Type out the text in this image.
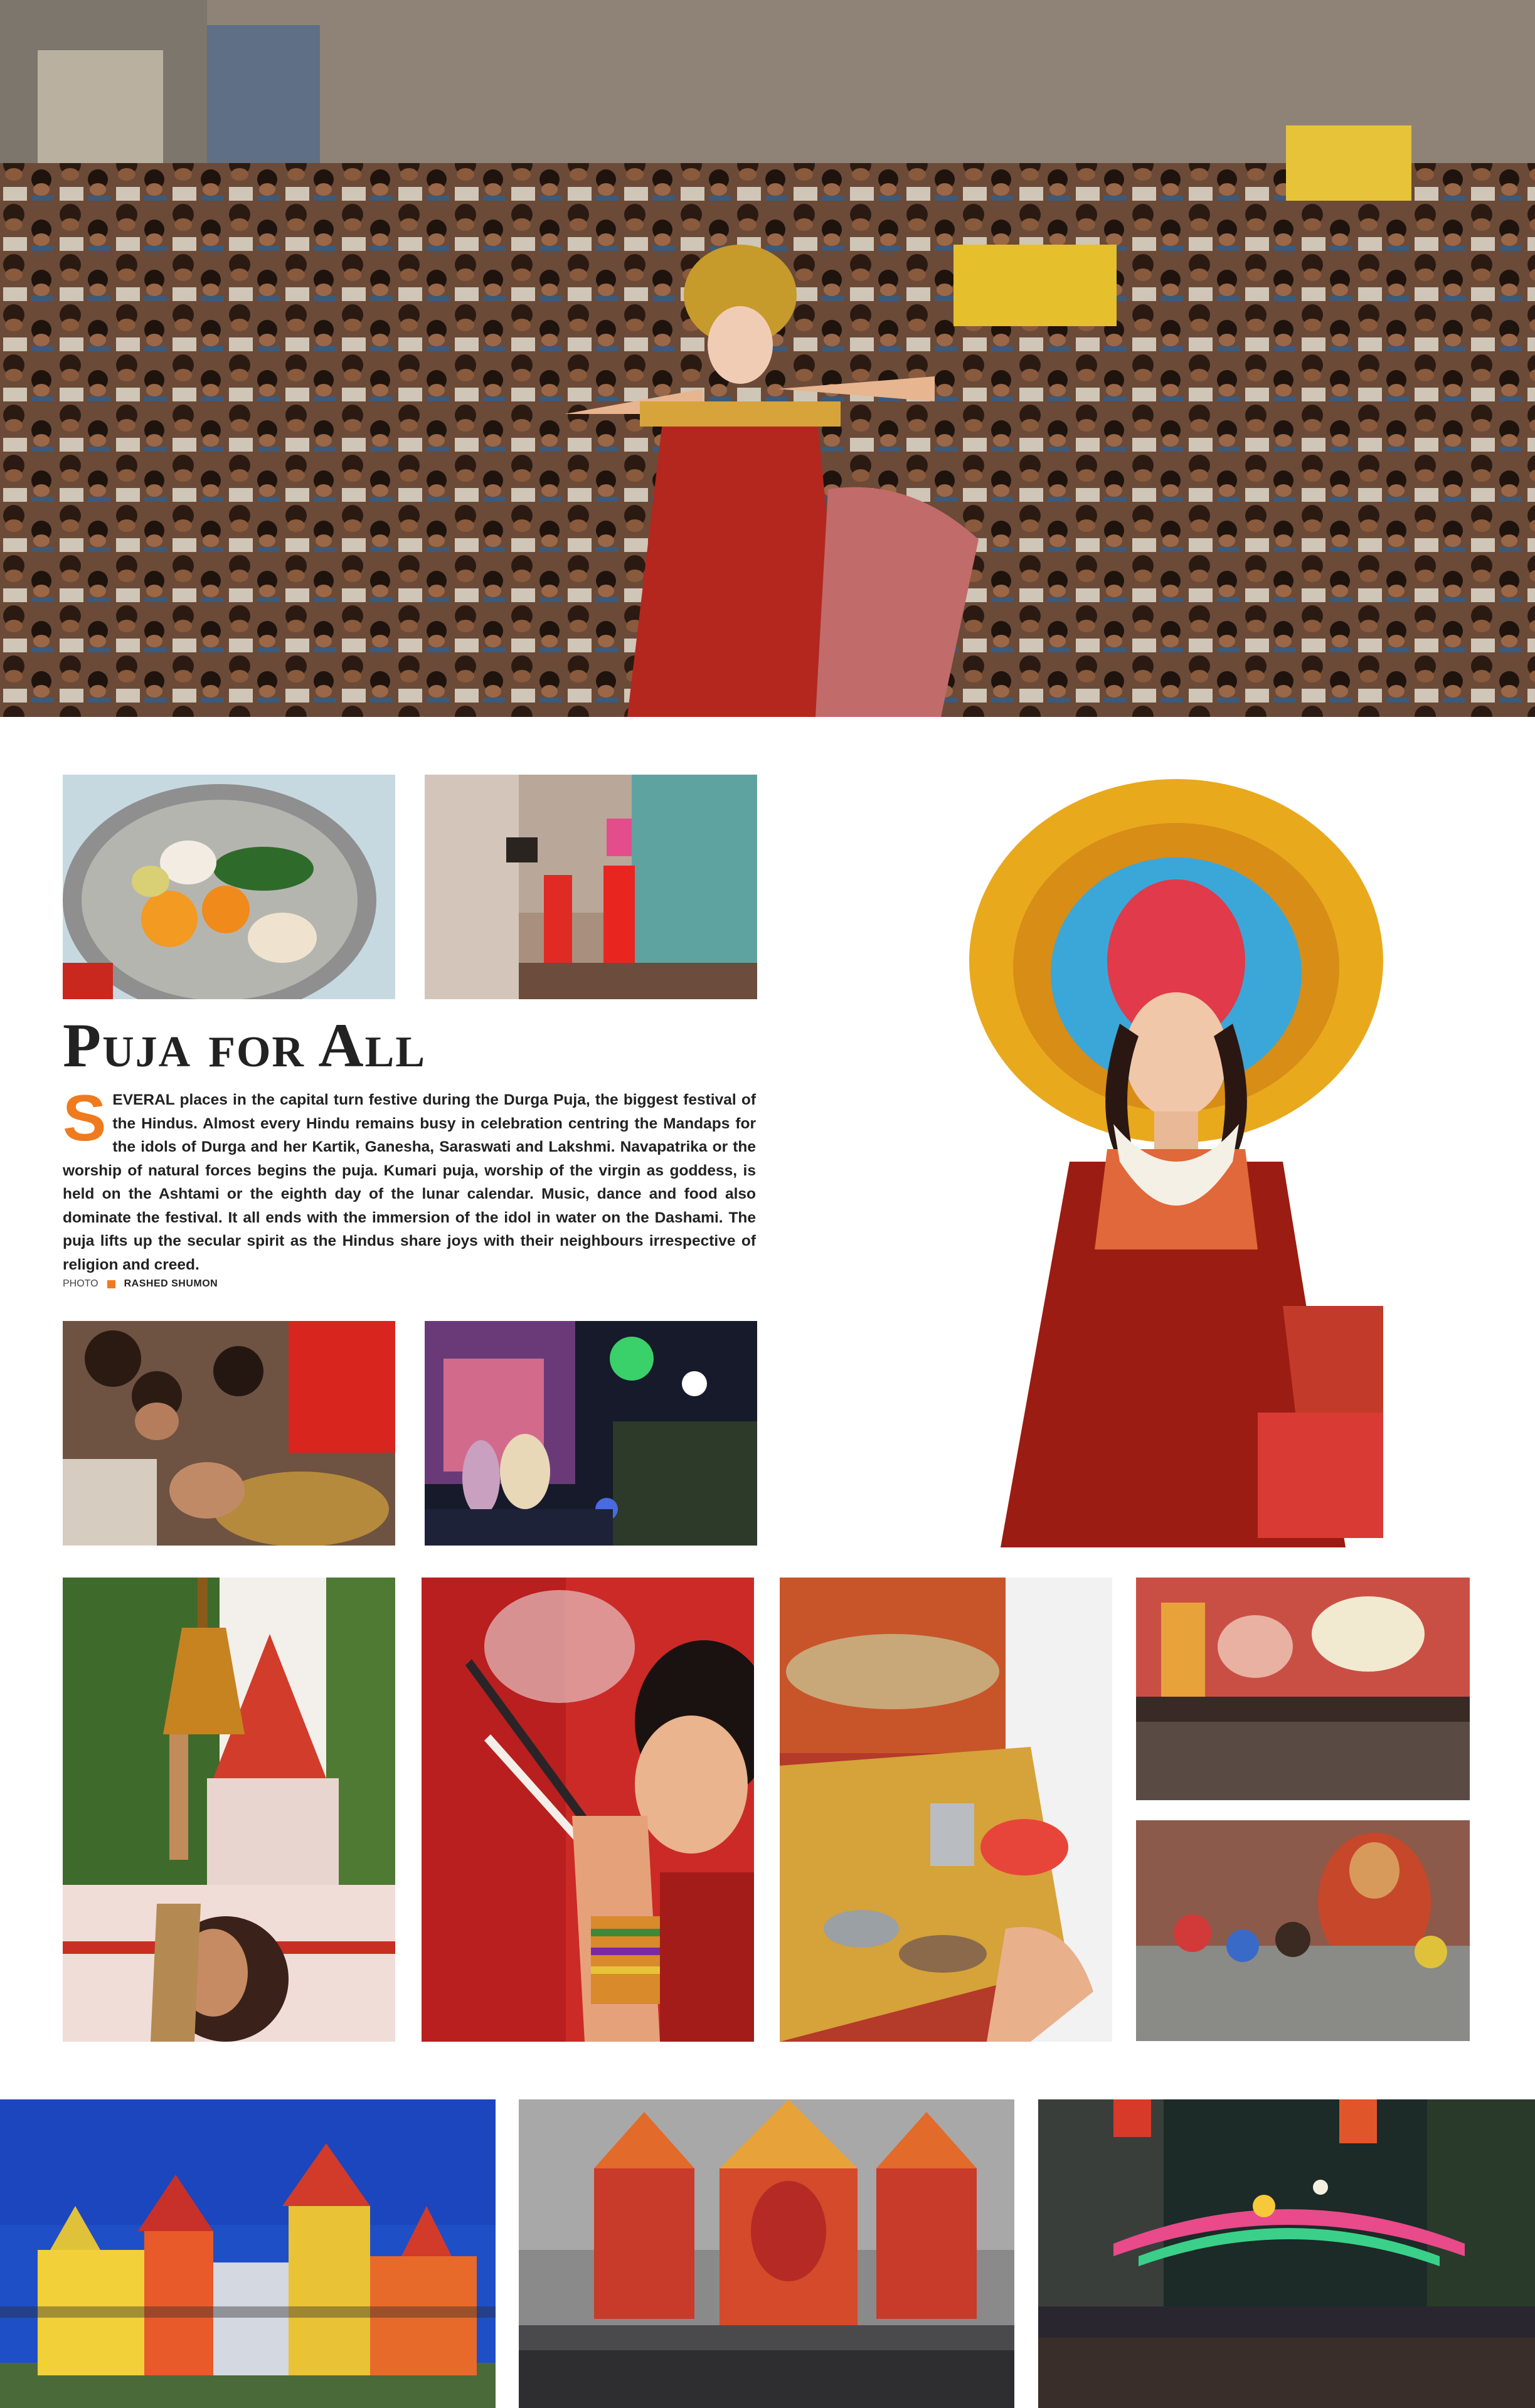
Puja for All

SEVERAL places in the capital turn festive during the Durga Puja, the biggest festival of the Hindus. Almost every Hindu remains busy in celebration centring the Mandaps for the idols of Durga and her Kartik, Ganesha, Saraswati and Lakshmi. Navapatrika or the worship of natural forces begins the puja. Kumari puja, worship of the virgin as goddess, is held on the Ashtami or the eighth day of the lunar calendar. Music, dance and food also dominate the festival. It all ends with the immersion of the idol in water on the Dashami. The puja lifts up the secular spirit as the Hindus share joys with their neighbours irrespective of religion and creed.

PHOTO	RASHED SHUMON
